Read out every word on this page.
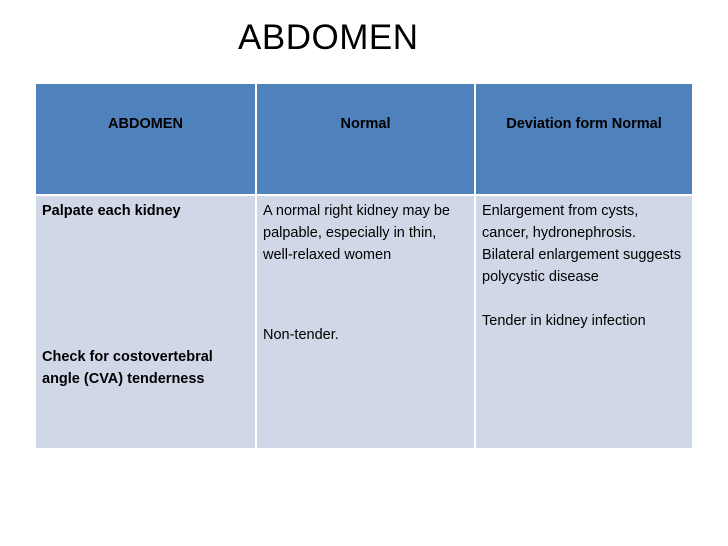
ABDOMEN
ABDOMEN	Normal	Deviation form Normal
Palpate each kidney
Check for costovertebral angle (CVA) tenderness
A normal right kidney may be palpable, especially in thin, well-relaxed women
Non-tender.
Enlargement from cysts, cancer, hydronephrosis. Bilateral enlargement suggests polycystic disease
Tender in kidney infection
